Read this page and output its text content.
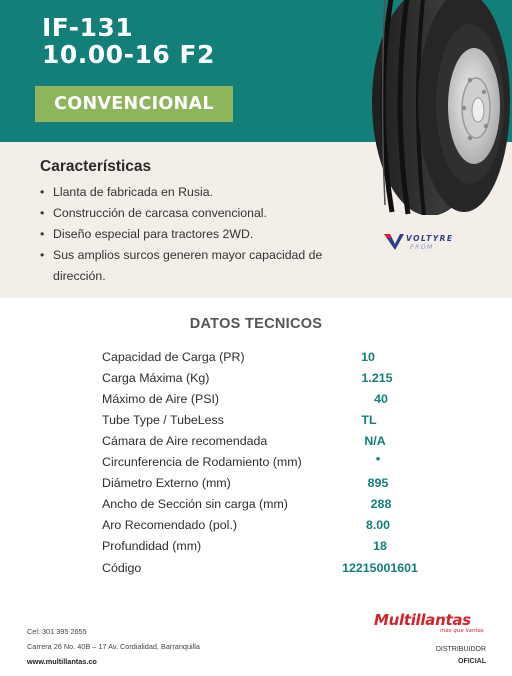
IF-131
10.00-16 F2
CONVENCIONAL
Características
• Llanta de fabricada en Rusia.
• Construcción de carcasa convencional.
• Diseño especial para tractores 2WD.
• Sus amplios surcos generen mayor capacidad de dirección.
VOLTYRE
PROM
DATOS TECNICOS
Capacidad de Carga (PR)	10
Carga Máxima (Kg)	1.215
Máximo de Aire (PSI)	40
Tube Type / TubeLess	TL
Cámara de Aire recomendada	N/A
Circunferencia de Rodamiento (mm)	•
Diámetro Externo (mm)	895
Ancho de Sección sin carga (mm)	288
Aro Recomendado (pol.)	8.00
Profundidad (mm)	18
Código	12215001601
Cel: 301 395 2655
Carrera 26 No. 40B – 17 Av. Cordialidad, Barranquilla
www.multillantas.co
Multillantas
más que llantas
DISTRIBUIDOR
OFICIAL
